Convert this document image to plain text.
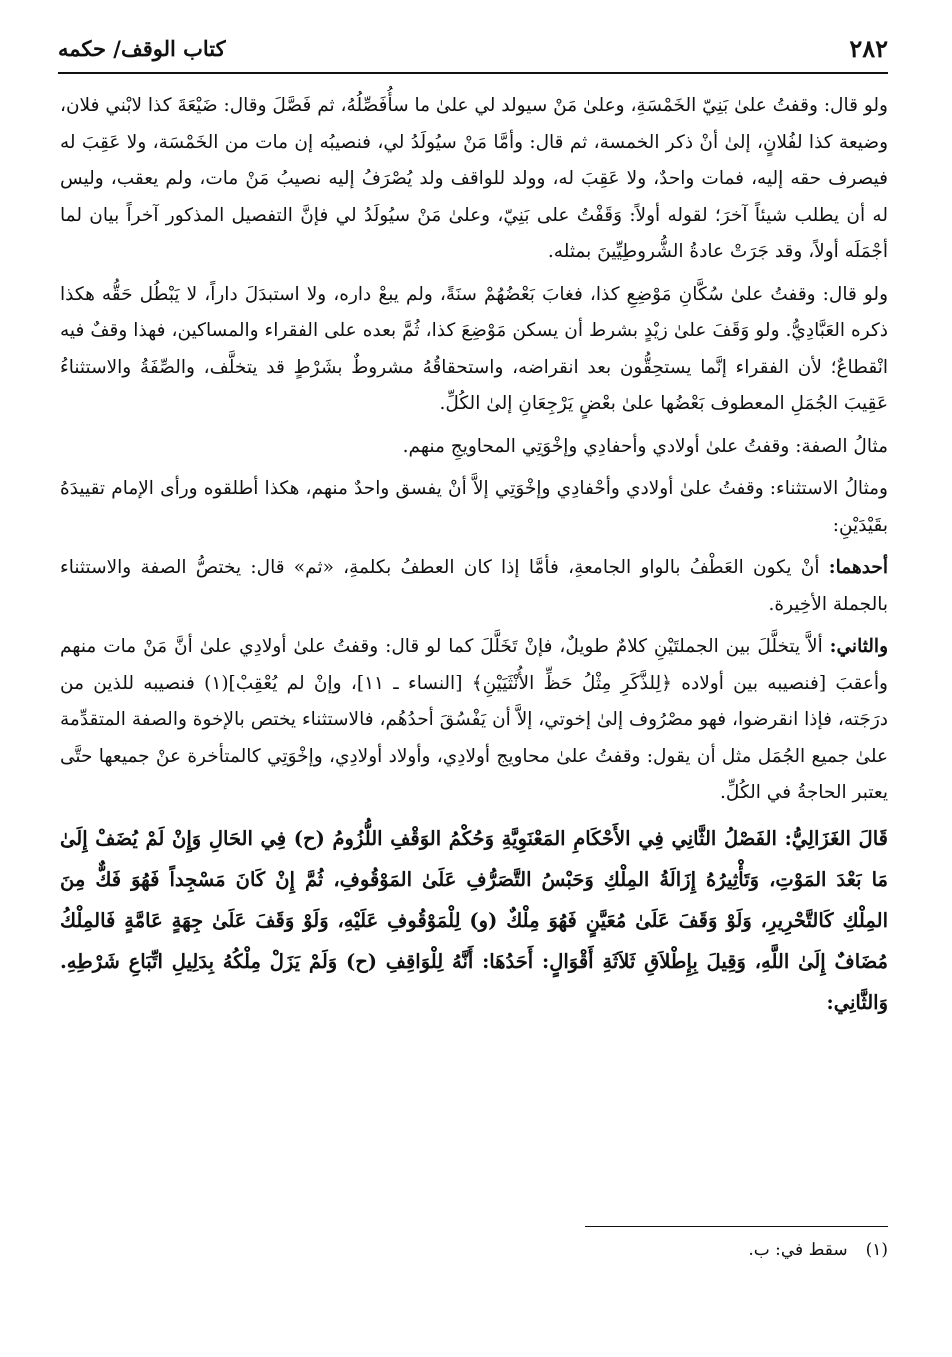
كتاب الوقف/ حكمه	٢٨٢

ولو قال: وقفتُ علىٰ بَنِيّ الخَمْسَةِ، وعلىٰ مَنْ سيولد لي علىٰ ما سأُفَصِّلُهُ، ثم فَصَّلَ وقال: ضَيْعَةَ كذا لابْني فلان، وضيعة كذا لفُلانٍ، إلىٰ أنْ ذكر الخمسة، ثم قال: وأمَّا مَنْ سيُولَدُ لي، فنصيبُه إن مات من الخَمْسَة، ولا عَقِبَ له فيصرف حقه إليه، فمات واحدٌ، ولا عَقِبَ له، وولد للواقف ولد يُصْرَفُ إليه نصيبُ مَنْ مات، ولم يعقب، وليس له أن يطلب شيئاً آخرَ؛ لقوله أولاً: وَقَفْتُ على بَنِيّ، وعلىٰ مَنْ سيُولَدُ لي فإنَّ التفصيل المذكور آخراً بيان لما أجْمَلَه أولاً، وقد جَرَتْ عادةُ الشُّروطِيِّينَ بمثله.

ولو قال: وقفتُ علىٰ سُكَّانِ مَوْضِعِ كذا، فغابَ بَعْضُهُمْ سنَةً، ولم يبعْ داره، ولا استبدَلَ داراً، لا يَبْطُل حَقُّه هكذا ذكره العَبَّادِيُّ. ولو وَقَفَ علىٰ زيْدٍ بشرط أن يسكن مَوْضِعَ كذا، ثُمَّ بعده على الفقراء والمساكين، فهذا وقفٌ فيه انْقطاعٌ؛ لأن الفقراء إنَّما يستحِقُّون بعد انقراضه، واستحقاقُهُ مشروطٌ بشَرْطٍ قد يتخلَّف، والصِّفَةُ والاستثناءُ عَقِيبَ الجُمَلِ المعطوف بَعْضُها علىٰ بعْضٍ يَرْجِعَانِ إلىٰ الكُلِّ.

مثالُ الصفة: وقفتُ علىٰ أولادي وأحفادِي وإخْوَتِي المحاويجِ منهم.

ومثالُ الاستثناء: وقفتُ علىٰ أولادي وأحْفادِي وإخْوَتِي إلاَّ أنْ يفسق واحدٌ منهم، هكذا أطلقوه ورأى الإمام تقييدَهُ بقَيْدَيْنِ:

أحدهما: أنْ يكون العَطْفُ بالواو الجامعةِ، فأمَّا إذا كان العطفُ بكلمةِ، «ثم» قال: يختصُّ الصفة والاستثناء بالجملة الأخِيرة.

والثاني: ألاَّ يتخلَّلَ بين الجملتَيْنِ كلامٌ طويلٌ، فإنْ تَخَلَّلَ كما لو قال: وقفتُ علىٰ أولادِي علىٰ أنَّ مَنْ مات منهم وأعقبَ [فنصيبه بين أولاده ﴿لِلذَّكَرِ مِثْلُ حَظِّ الأُنْثَيَيْنِ﴾ [النساء ـ ١١]، وإنْ لم يُعْقِبْ](١) فنصيبه للذين من درَجَته، فإذا انقرضوا، فهو مصْرُوف إلىٰ إخوتي، إلاَّ أن يَفْسُقَ أحدُهُم، فالاستثناء يختص بالإخوة والصفة المتقدِّمة علىٰ جميع الجُمَل مثل أن يقول: وقفتُ علىٰ محاويج أولادِي، وأولاد أولادِي، وإخْوَتِي كالمتأخرة عنْ جميعها حتَّى يعتبر الحاجةُ في الكُلِّ.

قَالَ الغَزَالِيُّ: الفَصْلُ الثَّانِي فِي الأَحْكَامِ المَعْنَوِيَّةِ وَحُكْمُ الوَقْفِ اللُّزُومُ (ح) فِي الحَالِ وَإِنْ لَمْ يُضَفْ إِلَىٰ مَا بَعْدَ المَوْتِ، وَتَأْثِيرُهُ إِزَالَةُ المِلْكِ وَحَبْسُ التَّصَرُّفِ عَلَىٰ المَوْقُوفِ، ثُمَّ إِنْ كَانَ مَسْجِداً فَهُوَ فَكٌّ مِنَ المِلْكِ كَالتَّحْرِيرِ، وَلَوْ وَقَفَ عَلَىٰ مُعَيَّنٍ فَهُوَ مِلْكٌ (و) لِلْمَوْقُوفِ عَلَيْهِ، وَلَوْ وَقَفَ عَلَىٰ جِهَةٍ عَامَّةٍ فَالمِلْكُ مُضَافٌ إِلَىٰ اللَّهِ، وَقِيلَ بِإِطْلاَقِ ثَلاَثَةِ أَقْوَالٍ: أَحَدُهَا: أَنَّهُ لِلْوَاقِفِ (ح) وَلَمْ يَزَلْ مِلْكُهُ بِدَلِيلِ اتِّبَاعِ شَرْطِهِ. وَالثَّانِي:

(١)سقط في: ب.
